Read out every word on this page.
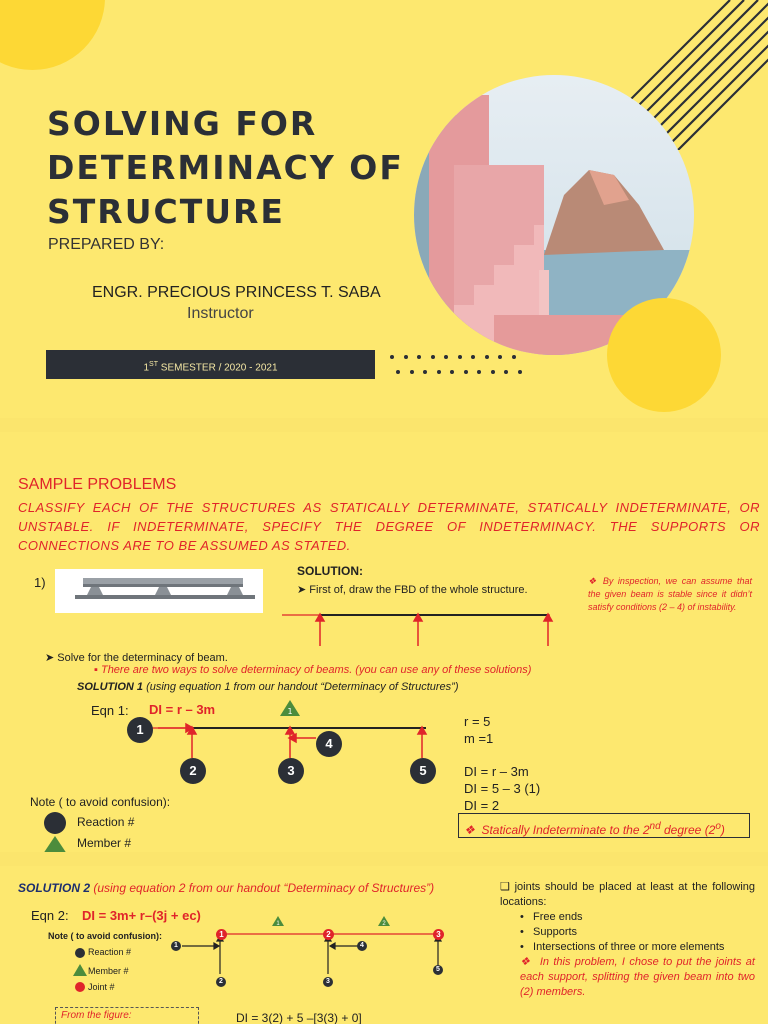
SOLVING FOR
DETERMINACY OF
STRUCTURE
PREPARED BY:
ENGR. PRECIOUS PRINCESS T. SABA
Instructor
1ST SEMESTER / 2020 - 2021
SAMPLE PROBLEMS
CLASSIFY EACH OF THE STRUCTURES AS STATICALLY DETERMINATE, STATICALLY INDETERMINATE, OR UNSTABLE. IF INDETERMINATE, SPECIFY THE DEGREE OF INDETERMINACY. THE SUPPORTS OR CONNECTIONS ARE TO BE ASSUMED AS STATED.
1)
SOLUTION:
➤ First of, draw the FBD of the whole structure.
❖ By inspection, we can assume that the given beam is stable since it didn’t satisfy conditions (2 – 4) of instability.
➤ Solve for the determinacy of beam.
▪ There are two ways to solve determinacy of beams. (you can use any of these solutions)
SOLUTION 1 (using equation 1 from our handout “Determinacy of Structures”)
Eqn 1: DI = r – 3m	1
1
2	3
4
5
r = 5
m =1
DI = r – 3m
DI = 5 – 3 (1)
DI = 2
❖  Statically Indeterminate to the 2nd degree (2$^o$)
Note ( to avoid confusion):
Reaction #
Member #
SOLUTION 2 (using equation 2 from our handout “Determinacy of Structures”)
Eqn 2: DI = 3m+ r–(3j + ec)
Note ( to avoid confusion):
Reaction #
Member #
Joint #
1	2
1	2	3
1
2	3
4
5
From the figure:	DI = 3(2) + 5 –[3(3) + 0]
❑ joints should be placed at least at the following locations:
•   Free ends
•   Supports
•   Intersections of three or more elements
❖  In this problem, I chose to put the joints at each support, splitting the given beam into two (2) members.
